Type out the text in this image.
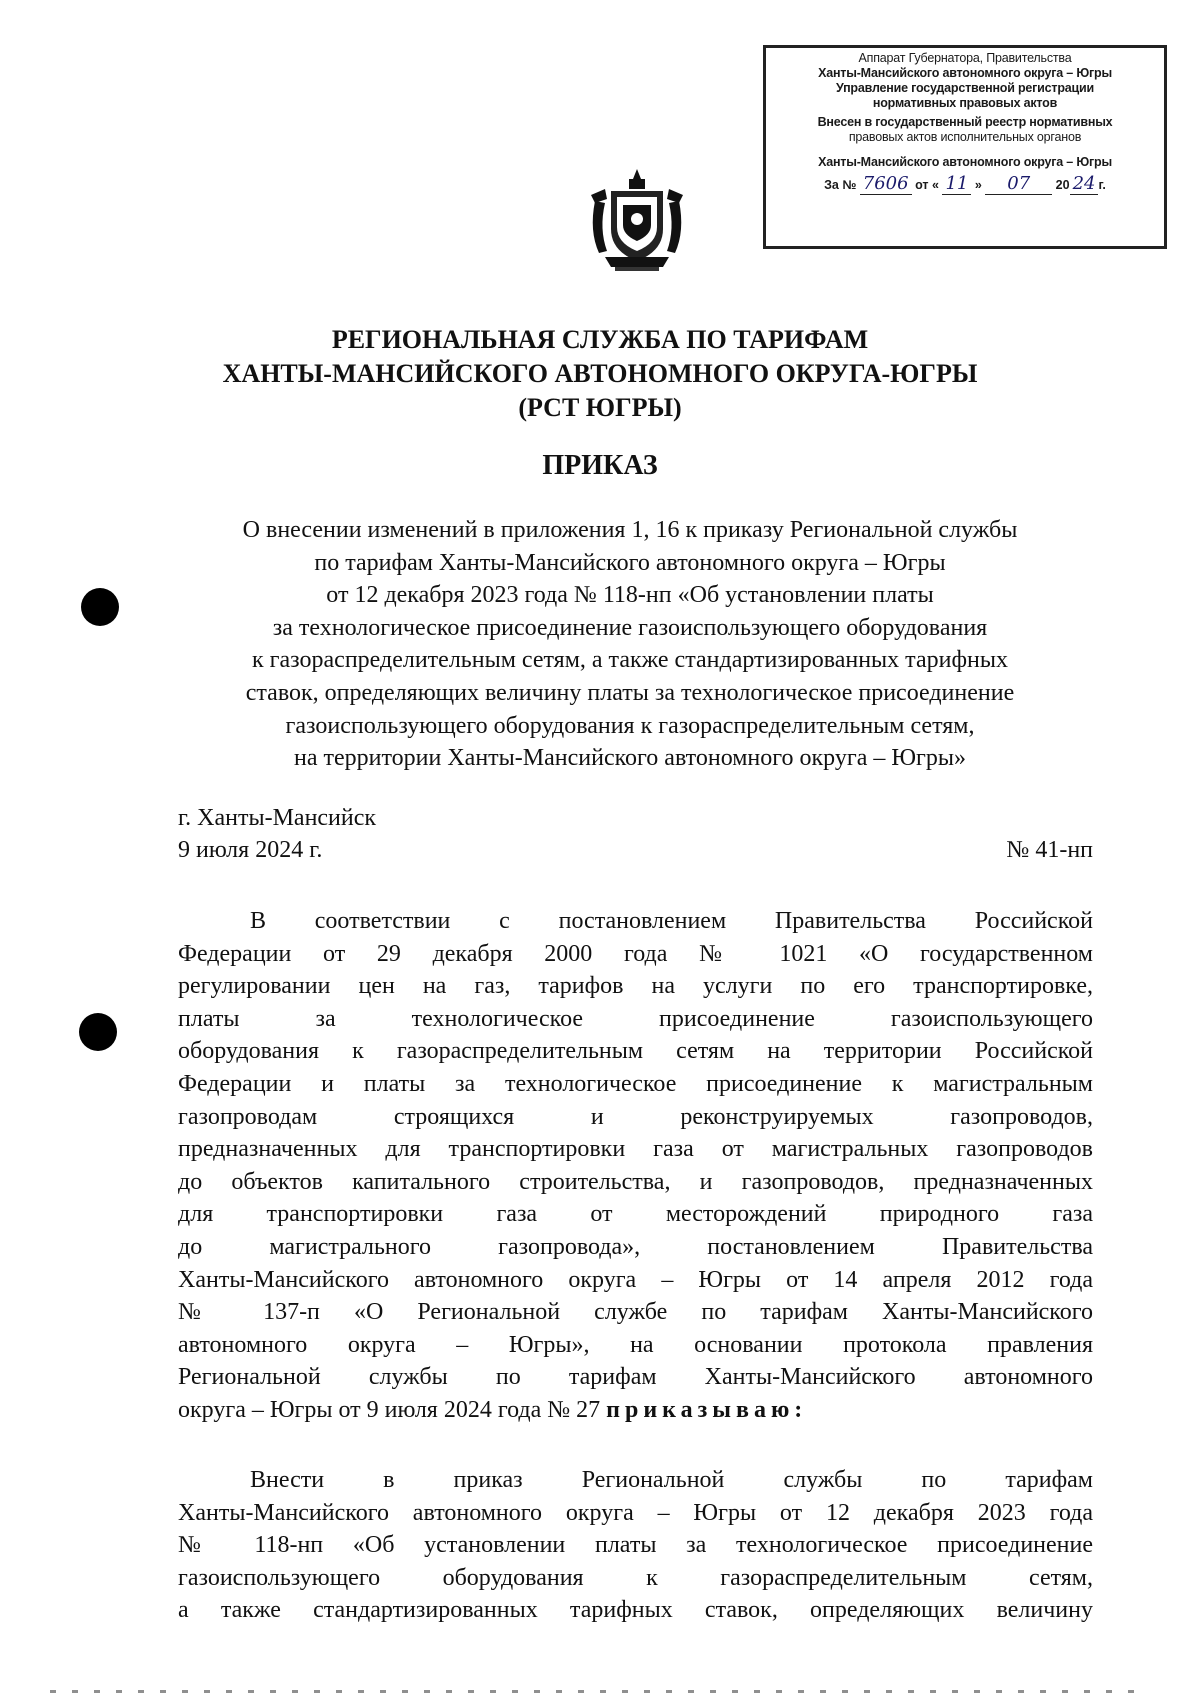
Аппарат Губернатора, Правительства
Ханты-Мансийского автономного округа – Югры
Управление государственной регистрации
нормативных правовых актов
Внесен в государственный реестр нормативных
правовых актов исполнительных органов
Ханты-Мансийского автономного округа – Югры
За № 7606 от « 11 » 07 20 24 г.
РЕГИОНАЛЬНАЯ СЛУЖБА ПО ТАРИФАМ
ХАНТЫ-МАНСИЙСКОГО АВТОНОМНОГО ОКРУГА-ЮГРЫ
(РСТ ЮГРЫ)
ПРИКАЗ
О внесении изменений в приложения 1, 16 к приказу Региональной службы
по тарифам Ханты-Мансийского автономного округа – Югры
от 12 декабря 2023 года № 118-нп «Об установлении платы
за технологическое присоединение газоиспользующего оборудования
к газораспределительным сетям, а также стандартизированных тарифных
ставок, определяющих величину платы за технологическое присоединение
газоиспользующего оборудования к газораспределительным сетям,
на территории Ханты-Мансийского автономного округа – Югры»
г. Ханты-Мансийск
9 июля 2024 г.	№ 41-нп
В соответствии с постановлением Правительства Российской
Федерации от 29 декабря 2000 года № 1021 «О государственном
регулировании цен на газ, тарифов на услуги по его транспортировке,
платы за технологическое присоединение газоиспользующего
оборудования к газораспределительным сетям на территории Российской
Федерации и платы за технологическое присоединение к магистральным
газопроводам строящихся и реконструируемых газопроводов,
предназначенных для транспортировки газа от магистральных газопроводов
до объектов капитального строительства, и газопроводов, предназначенных
для транспортировки газа от месторождений природного газа
до магистрального газопровода», постановлением Правительства
Ханты-Мансийского автономного округа – Югры от 14 апреля 2012 года
№ 137-п «О Региональной службе по тарифам Ханты-Мансийского
автономного округа – Югры», на основании протокола правления
Региональной службы по тарифам Ханты-Мансийского автономного
округа – Югры от 9 июля 2024 года № 27 приказываю:
Внести в приказ Региональной службы по тарифам
Ханты-Мансийского автономного округа – Югры от 12 декабря 2023 года
№ 118-нп «Об установлении платы за технологическое присоединение
газоиспользующего оборудования к газораспределительным сетям,
а также стандартизированных тарифных ставок, определяющих величину
